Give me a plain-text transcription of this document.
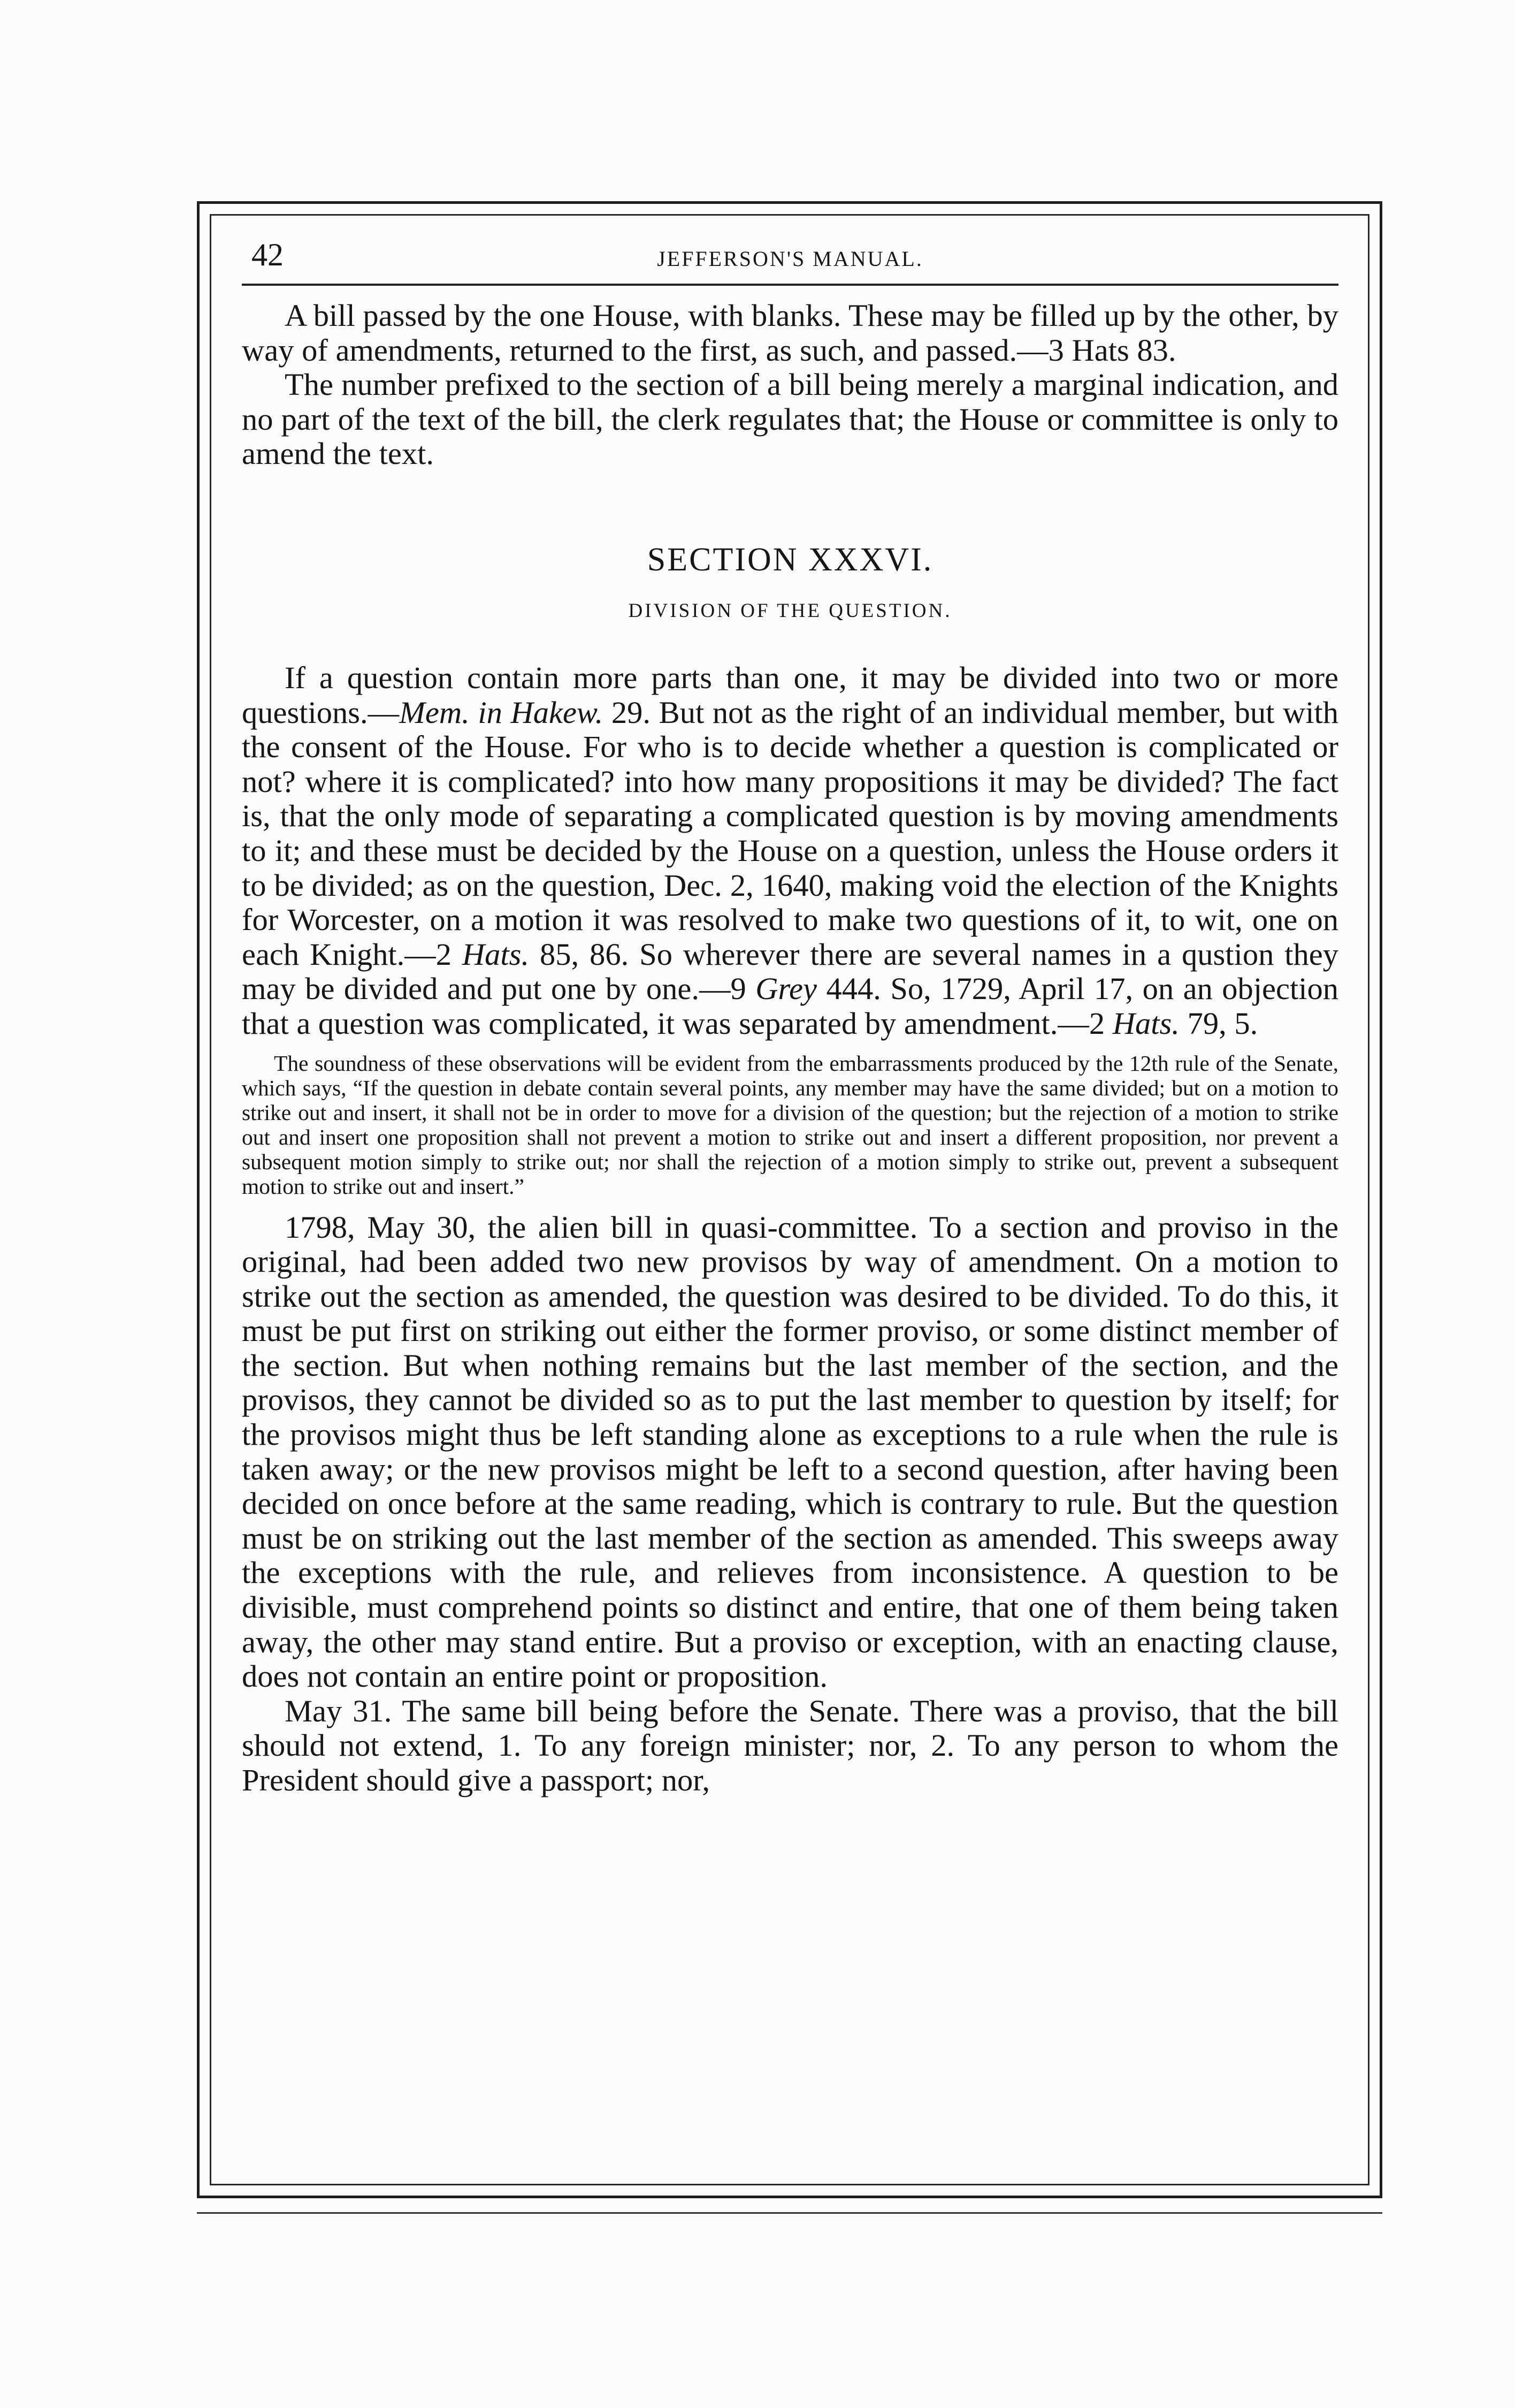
42	JEFFERSON'S MANUAL.

A bill passed by the one House, with blanks. These may be filled up by the other, by way of amendments, returned to the first, as such, and passed.—3 Hats 83.

The number prefixed to the section of a bill being merely a marginal indication, and no part of the text of the bill, the clerk regulates that; the House or committee is only to amend the text.

SECTION XXXVI.
DIVISION OF THE QUESTION.

If a question contain more parts than one, it may be divided into two or more questions.—Mem. in Hakew. 29. But not as the right of an individual member, but with the consent of the House. For who is to decide whether a question is complicated or not? where it is complicated? into how many propositions it may be divided? The fact is, that the only mode of separating a complicated question is by moving amendments to it; and these must be decided by the House on a question, unless the House orders it to be divided; as on the question, Dec. 2, 1640, making void the election of the Knights for Worcester, on a motion it was resolved to make two questions of it, to wit, one on each Knight.—2 Hats. 85, 86. So wherever there are several names in a qustion they may be divided and put one by one.—9 Grey 444. So, 1729, April 17, on an objection that a question was complicated, it was separated by amendment.—2 Hats. 79, 5.

The soundness of these observations will be evident from the embarrassments produced by the 12th rule of the Senate, which says, “If the question in debate contain several points, any member may have the same divided; but on a motion to strike out and insert, it shall not be in order to move for a division of the question; but the rejection of a motion to strike out and insert one proposition shall not prevent a motion to strike out and insert a different proposition, nor prevent a subsequent motion simply to strike out; nor shall the rejection of a motion simply to strike out, prevent a subsequent motion to strike out and insert.”

1798, May 30, the alien bill in quasi-committee. To a section and proviso in the original, had been added two new provisos by way of amendment. On a motion to strike out the section as amended, the question was desired to be divided. To do this, it must be put first on striking out either the former proviso, or some distinct member of the section. But when nothing remains but the last member of the section, and the provisos, they cannot be divided so as to put the last member to question by itself; for the provisos might thus be left standing alone as exceptions to a rule when the rule is taken away; or the new provisos might be left to a second question, after having been decided on once before at the same reading, which is contrary to rule. But the question must be on striking out the last member of the section as amended. This sweeps away the exceptions with the rule, and relieves from inconsistence. A question to be divisible, must comprehend points so distinct and entire, that one of them being taken away, the other may stand entire. But a proviso or exception, with an enacting clause, does not contain an entire point or proposition.

May 31. The same bill being before the Senate. There was a proviso, that the bill should not extend, 1. To any foreign minister; nor, 2. To any person to whom the President should give a passport; nor,
